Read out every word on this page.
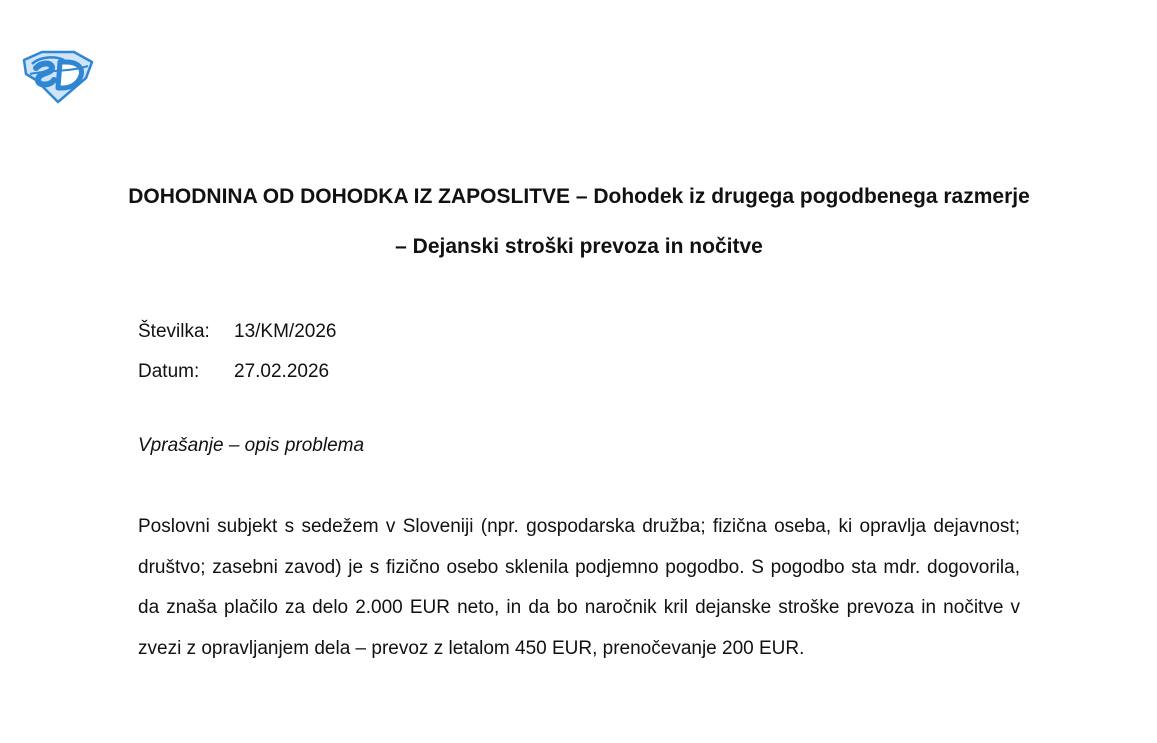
DOHODNINA OD DOHODKA IZ ZAPOSLITVE – Dohodek iz drugega pogodbenega razmerje – Dejanski stroški prevoza in nočitve
Številka:	13/KM/2026
Datum:	27.02.2026
Vprašanje – opis problema

Poslovni subjekt s sedežem v Sloveniji (npr. gospodarska družba; fizična oseba, ki opravlja dejavnost; društvo; zasebni zavod) je s fizično osebo sklenila podjemno pogodbo. S pogodbo sta mdr. dogovorila, da znaša plačilo za delo 2.000 EUR neto, in da bo naročnik kril dejanske stroške prevoza in nočitve v zvezi z opravljanjem dela – prevoz z letalom 450 EUR, prenočevanje 200 EUR.
